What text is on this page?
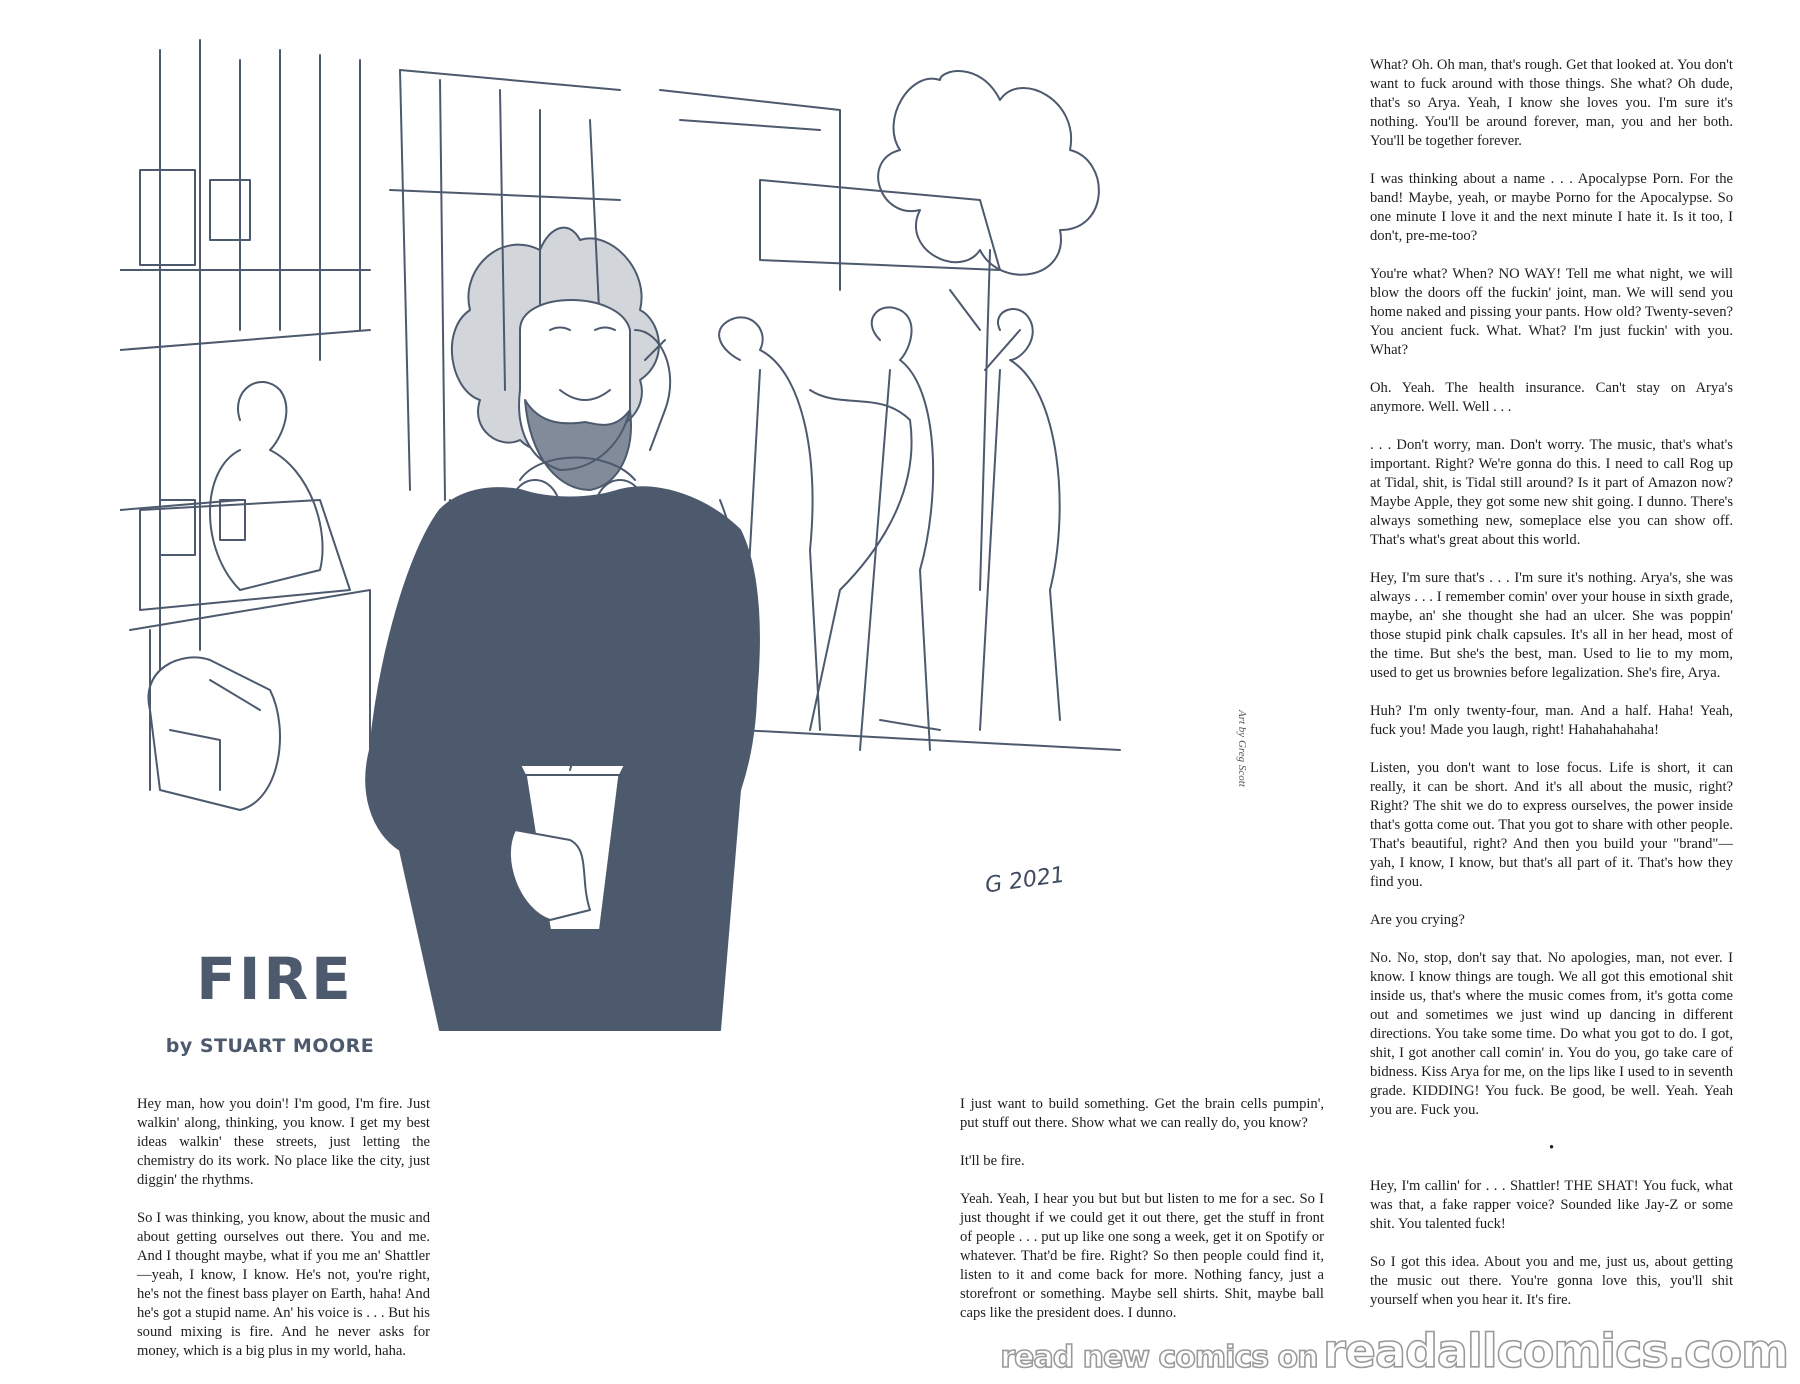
Art by Greg Scott
G 2021
FIRE
by STUART MOORE

Hey man, how you doin'! I'm good, I'm fire. Just walkin' along, thinking, you know. I get my best ideas walkin' these streets, just letting the chemistry do its work. No place like the city, just diggin' the rhythms.

So I was thinking, you know, about the music and about getting ourselves out there. You and me. And I thought maybe, what if you me an' Shattler—yeah, I know, I know. He's not, you're right, he's not the finest bass player on Earth, haha! And he's got a stupid name. An' his voice is . . . But his sound mixing is fire. And he never asks for money, which is a big plus in my world, haha.

I just want to build something. Get the brain cells pumpin', put stuff out there. Show what we can really do, you know?

It'll be fire.

Yeah. Yeah, I hear you but but but listen to me for a sec. So I just thought if we could get it out there, get the stuff in front of people . . . put up like one song a week, get it on Spotify or whatever. That'd be fire. Right? So then people could find it, listen to it and come back for more. Nothing fancy, just a storefront or something. Maybe sell shirts. Shit, maybe ball caps like the president does. I dunno.

What? Oh. Oh man, that's rough. Get that looked at. You don't want to fuck around with those things. She what? Oh dude, that's so Arya. Yeah, I know she loves you. I'm sure it's nothing. You'll be around forever, man, you and her both. You'll be together forever.

I was thinking about a name . . . Apocalypse Porn. For the band! Maybe, yeah, or maybe Porno for the Apocalypse. So one minute I love it and the next minute I hate it. Is it too, I don't, pre-me-too?

You're what? When? NO WAY! Tell me what night, we will blow the doors off the fuckin' joint, man. We will send you home naked and pissing your pants. How old? Twenty-seven? You ancient fuck. What. What? I'm just fuckin' with you. What?

Oh. Yeah. The health insurance. Can't stay on Arya's anymore. Well. Well . . .

. . . Don't worry, man. Don't worry. The music, that's what's important. Right? We're gonna do this. I need to call Rog up at Tidal, shit, is Tidal still around? Is it part of Amazon now? Maybe Apple, they got some new shit going. I dunno. There's always something new, someplace else you can show off. That's what's great about this world.

Hey, I'm sure that's . . . I'm sure it's nothing. Arya's, she was always . . . I remember comin' over your house in sixth grade, maybe, an' she thought she had an ulcer. She was poppin' those stupid pink chalk capsules. It's all in her head, most of the time. But she's the best, man. Used to lie to my mom, used to get us brownies before legalization. She's fire, Arya.

Huh? I'm only twenty-four, man. And a half. Haha! Yeah, fuck you! Made you laugh, right! Hahahahahaha!

Listen, you don't want to lose focus. Life is short, it can really, it can be short. And it's all about the music, right? Right? The shit we do to express ourselves, the power inside that's gotta come out. That you got to share with other people. That's beautiful, right? And then you build your "brand"—yah, I know, I know, but that's all part of it. That's how they find you.

Are you crying?

No. No, stop, don't say that. No apologies, man, not ever. I know. I know things are tough. We all got this emotional shit inside us, that's where the music comes from, it's gotta come out and sometimes we just wind up dancing in different directions. You take some time. Do what you got to do. I got, shit, I got another call comin' in. You do you, go take care of bidness. Kiss Arya for me, on the lips like I used to in seventh grade. KIDDING! You fuck. Be good, be well. Yeah. Yeah you are. Fuck you.

•

Hey, I'm callin' for . . . Shattler! THE SHAT! You fuck, what was that, a fake rapper voice? Sounded like Jay-Z or some shit. You talented fuck!

So I got this idea. About you and me, just us, about getting the music out there. You're gonna love this, you'll shit yourself when you hear it. It's fire.

read new comics on readallcomics.com
